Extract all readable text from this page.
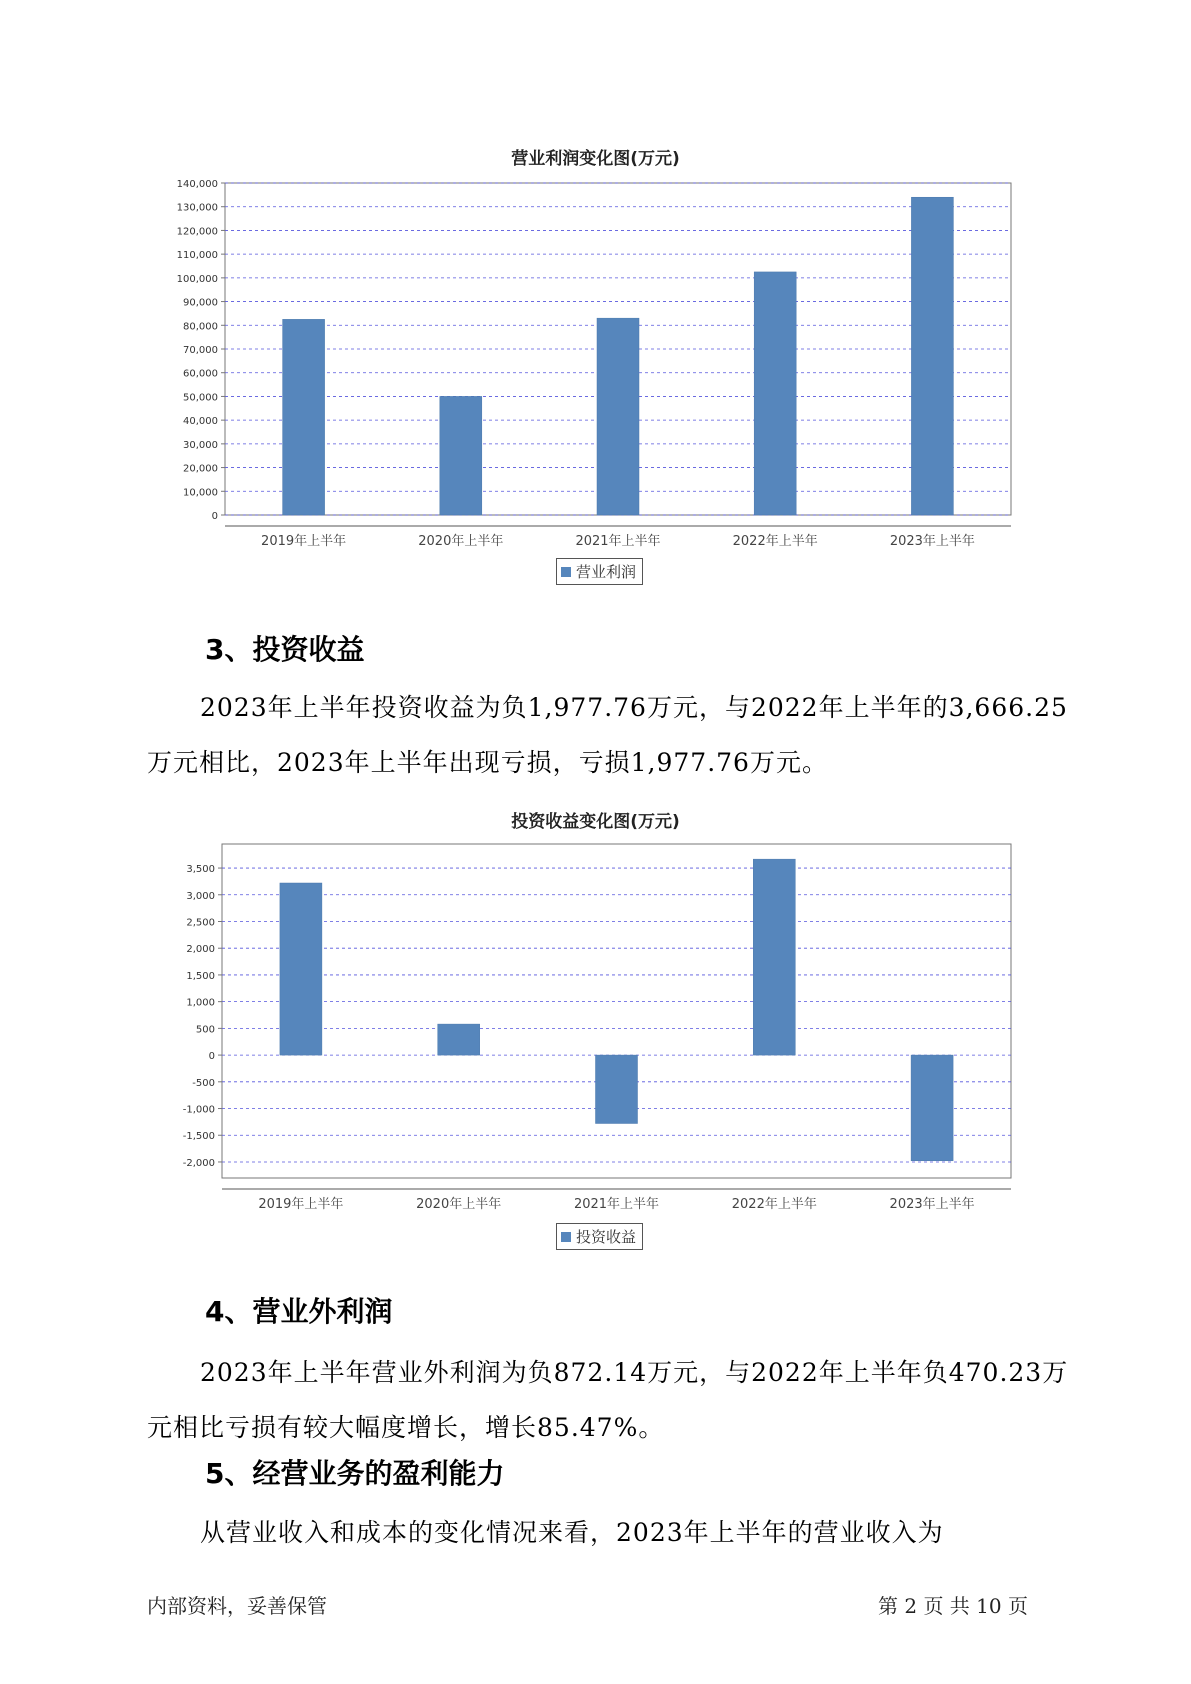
营业利润变化图(万元)
0
10,000
20,000
30,000
40,000
50,000
60,000
70,000
80,000
90,000
100,000
110,000
120,000
130,000
140,000
2019年上半年	2020年上半年	2021年上半年	2022年上半年	2023年上半年
营业利润
3、投资收益
2023年上半年投资收益为负1,977.76万元，与2022年上半年的3,666.25万元相比，2023年上半年出现亏损，亏损1,977.76万元。
投资收益变化图(万元)
-2,000
-1,500
-1,000
-500
0
500
1,000
1,500
2,000
2,500
3,000
3,500
2019年上半年	2020年上半年	2021年上半年	2022年上半年	2023年上半年
投资收益
4、营业外利润
2023年上半年营业外利润为负872.14万元，与2022年上半年负470.23万元相比亏损有较大幅度增长，增长85.47%。
5、经营业务的盈利能力
从营业收入和成本的变化情况来看，2023年上半年的营业收入为
内部资料，妥善保管	第 2 页 共 10 页
